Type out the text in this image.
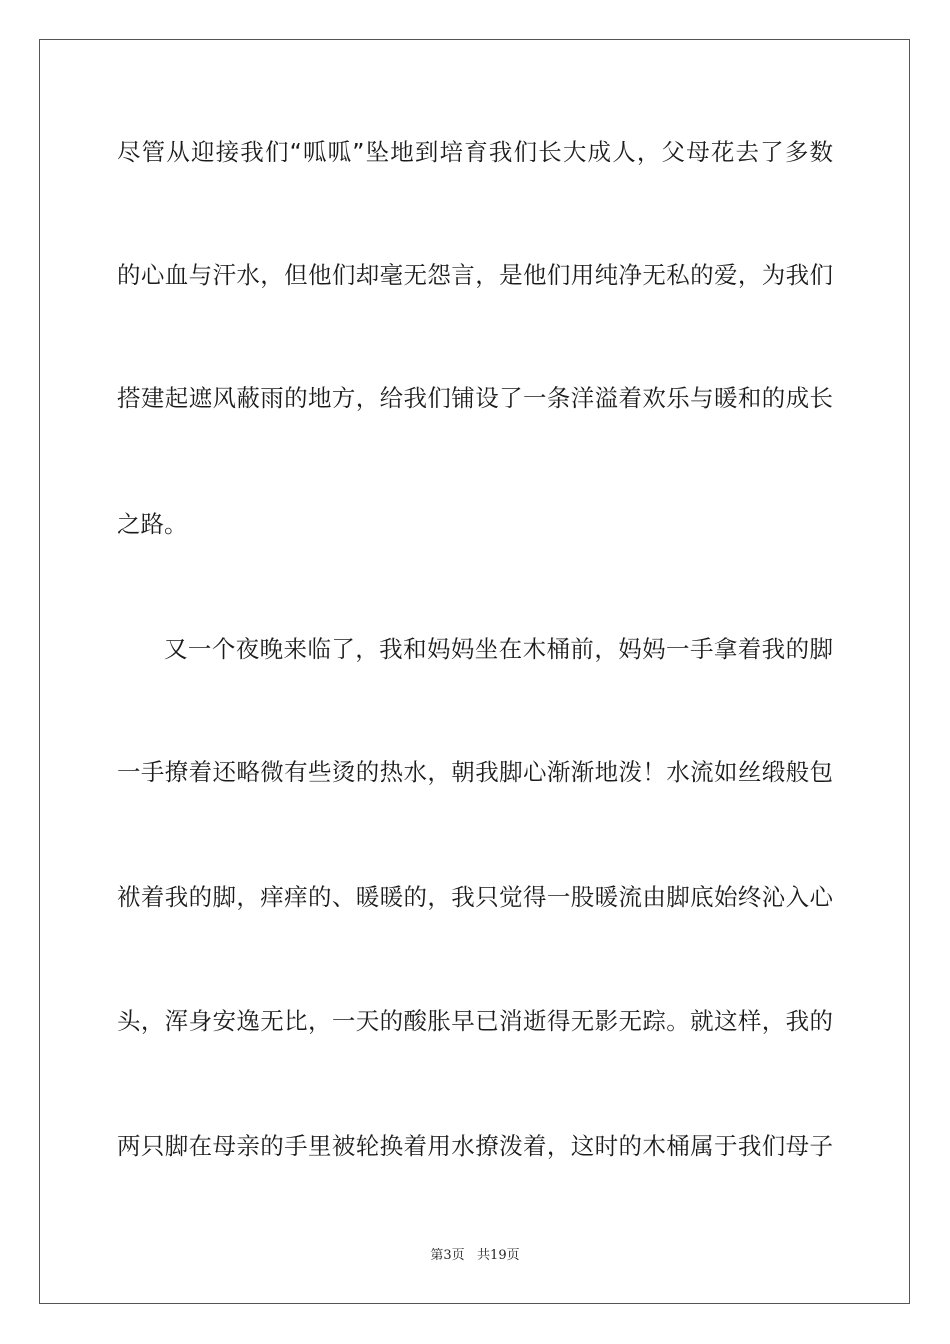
尽管从迎接我们“呱呱”坠地到培育我们长大成人，父母花去了多数

的心血与汗水，但他们却毫无怨言，是他们用纯净无私的爱，为我们

搭建起遮风蔽雨的地方，给我们铺设了一条洋溢着欢乐与暖和的成长

之路。

又一个夜晚来临了，我和妈妈坐在木桶前，妈妈一手拿着我的脚

一手撩着还略微有些烫的热水，朝我脚心渐渐地泼！水流如丝缎般包

袱着我的脚，痒痒的、暖暖的，我只觉得一股暖流由脚底始终沁入心

头，浑身安逸无比，一天的酸胀早已消逝得无影无踪。就这样，我的

两只脚在母亲的手里被轮换着用水撩泼着，这时的木桶属于我们母子

第3页   共19页
